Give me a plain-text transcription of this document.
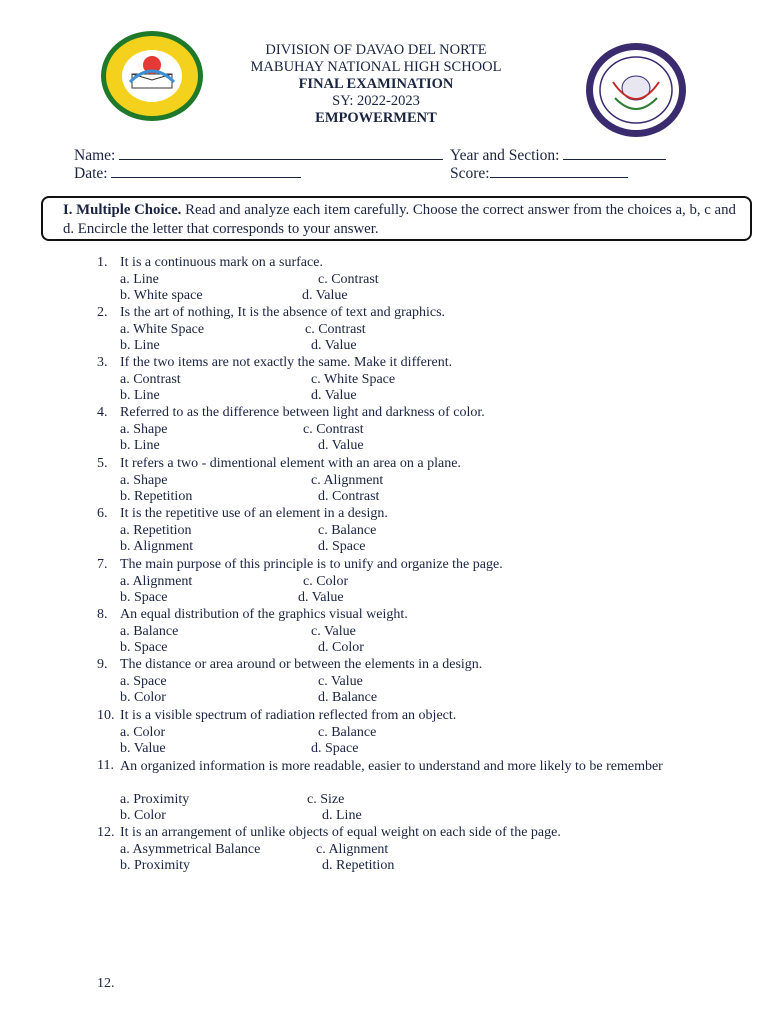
DIVISION OF DAVAO DEL NORTE
MABUHAY NATIONAL HIGH SCHOOL
FINAL EXAMINATION
SY: 2022-2023
EMPOWERMENT
Name:	Year and Section:
Date:	Score:
I. Multiple Choice. Read and analyze each item carefully. Choose the correct answer from the choices a, b, c and d. Encircle the letter that corresponds to your answer.
1. It is a continuous mark on a surface.
a. Line	c. Contrast
b. White space	d. Value
2. Is the art of nothing, It is the absence of text and graphics.
a. White Space	c. Contrast
b. Line	d. Value
3. If the two items are not exactly the same. Make it different.
a. Contrast	c. White Space
b. Line	d. Value
4. Referred to as the difference between light and darkness of color.
a. Shape	c. Contrast
b. Line	d. Value
5. It refers a two - dimentional element with an area on a plane.
a. Shape	c. Alignment
b. Repetition	d. Contrast
6. It is the repetitive use of an element in a design.
a. Repetition	c. Balance
b. Alignment	d. Space
7. The main purpose of this principle is to unify and organize the page.
a. Alignment	c. Color
b. Space	d. Value
8. An equal distribution of the graphics visual weight.
a. Balance	c. Value
b. Space	d. Color
9. The distance or area around or between the elements in a design.
a. Space	c. Value
b. Color	d. Balance
10. It is a visible spectrum of radiation reflected from an object.
a. Color	c. Balance
b. Value	d. Space
11. An organized information is more readable, easier to understand and more likely to be remember
a. Proximity	c. Size
b. Color	d. Line
12. It is an arrangement of unlike objects of equal weight on each side of the page.
a. Asymmetrical Balance	c. Alignment
b. Proximity	d. Repetition
12.
